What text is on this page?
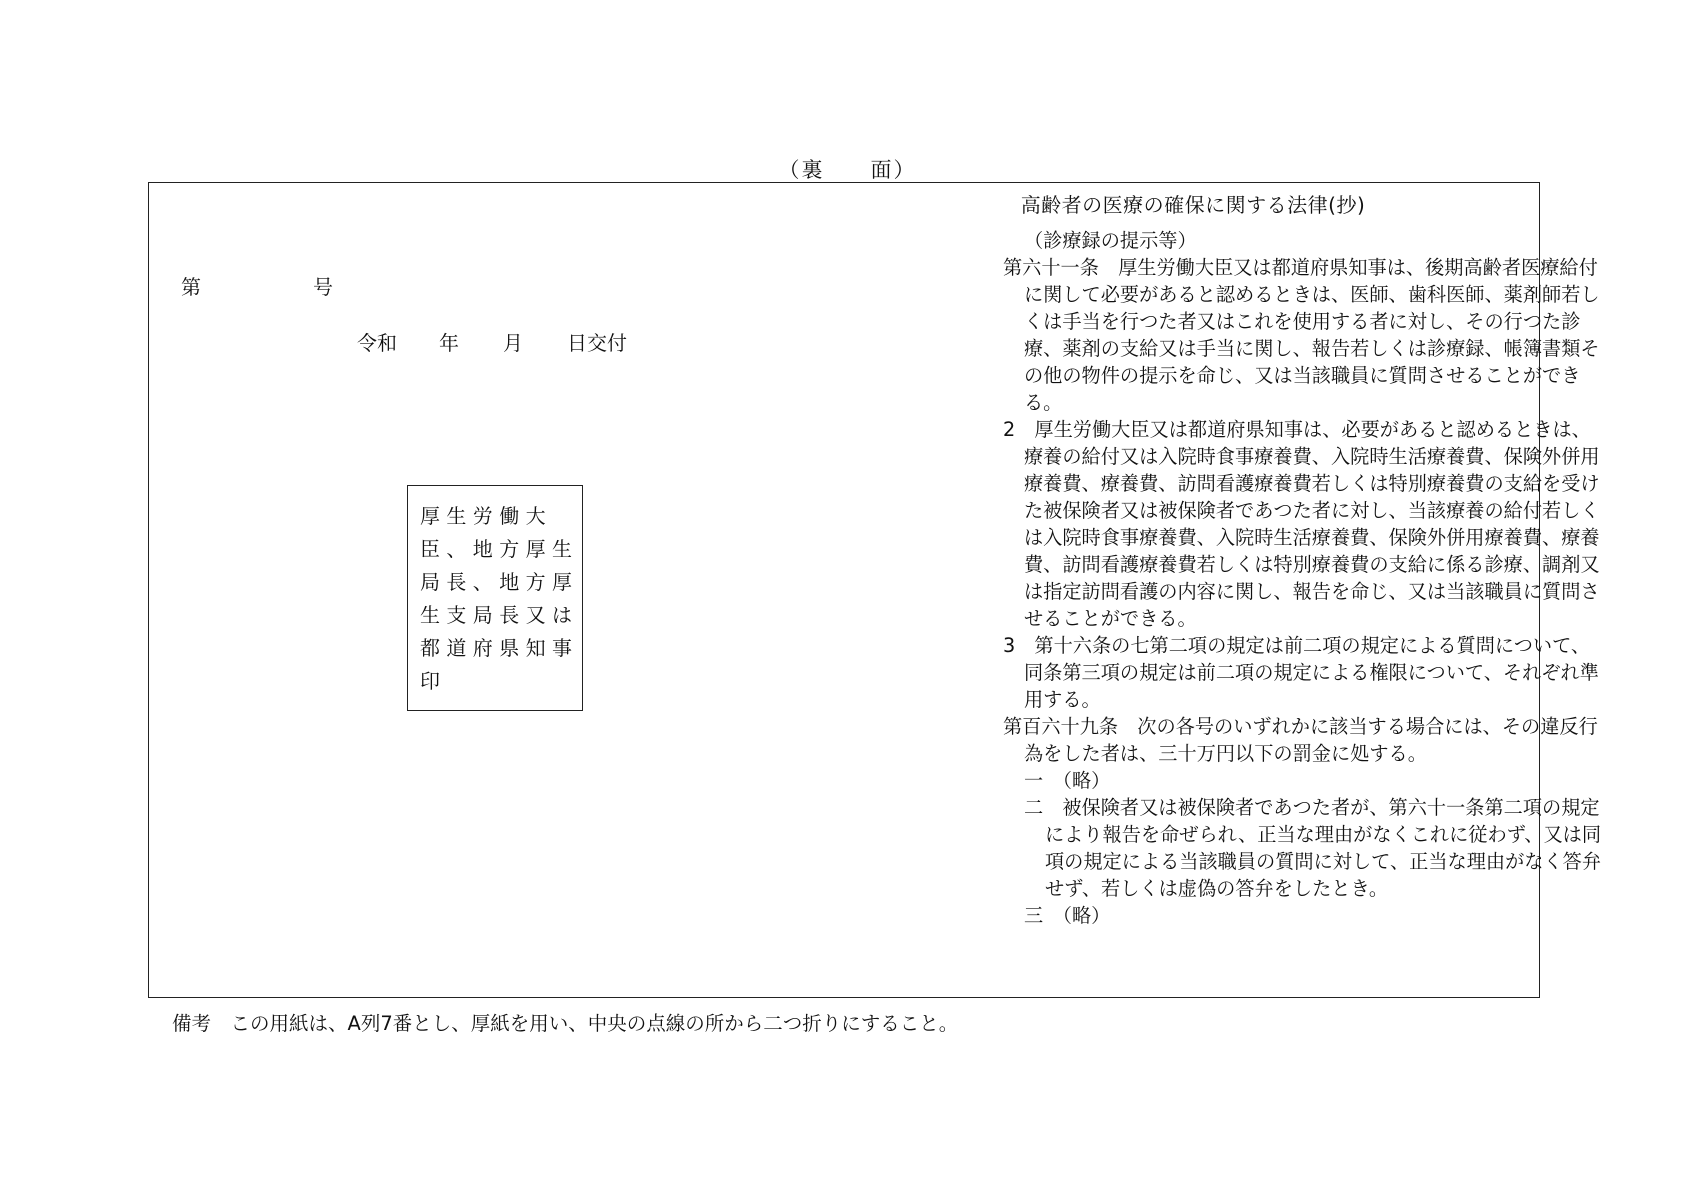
（裏　　面）
第	号
令和 年 月 日交付
厚生労働大
臣、地方厚生
局長、地方厚
生支局長又は
都道府県知事
印
高齢者の医療の確保に関する法律(抄)
（診療録の提示等）
第六十一条　厚生労働大臣又は都道府県知事は、後期高齢者医療給付
に関して必要があると認めるときは、医師、歯科医師、薬剤師若し
くは手当を行つた者又はこれを使用する者に対し、その行つた診
療、薬剤の支給又は手当に関し、報告若しくは診療録、帳簿書類そ
の他の物件の提示を命じ、又は当該職員に質問させることができ
る。
2　厚生労働大臣又は都道府県知事は、必要があると認めるときは、
療養の給付又は入院時食事療養費、入院時生活療養費、保険外併用
療養費、療養費、訪問看護療養費若しくは特別療養費の支給を受け
た被保険者又は被保険者であつた者に対し、当該療養の給付若しく
は入院時食事療養費、入院時生活療養費、保険外併用療養費、療養
費、訪問看護療養費若しくは特別療養費の支給に係る診療、調剤又
は指定訪問看護の内容に関し、報告を命じ、又は当該職員に質問さ
せることができる。
3　第十六条の七第二項の規定は前二項の規定による質問について、
同条第三項の規定は前二項の規定による権限について、それぞれ準
用する。
第百六十九条　次の各号のいずれかに該当する場合には、その違反行
為をした者は、三十万円以下の罰金に処する。
一　（略）
二　被保険者又は被保険者であつた者が、第六十一条第二項の規定
により報告を命ぜられ、正当な理由がなくこれに従わず、又は同
項の規定による当該職員の質問に対して、正当な理由がなく答弁
せず、若しくは虚偽の答弁をしたとき。
三　（略）
備考　この用紙は、A列7番とし、厚紙を用い、中央の点線の所から二つ折りにすること。
